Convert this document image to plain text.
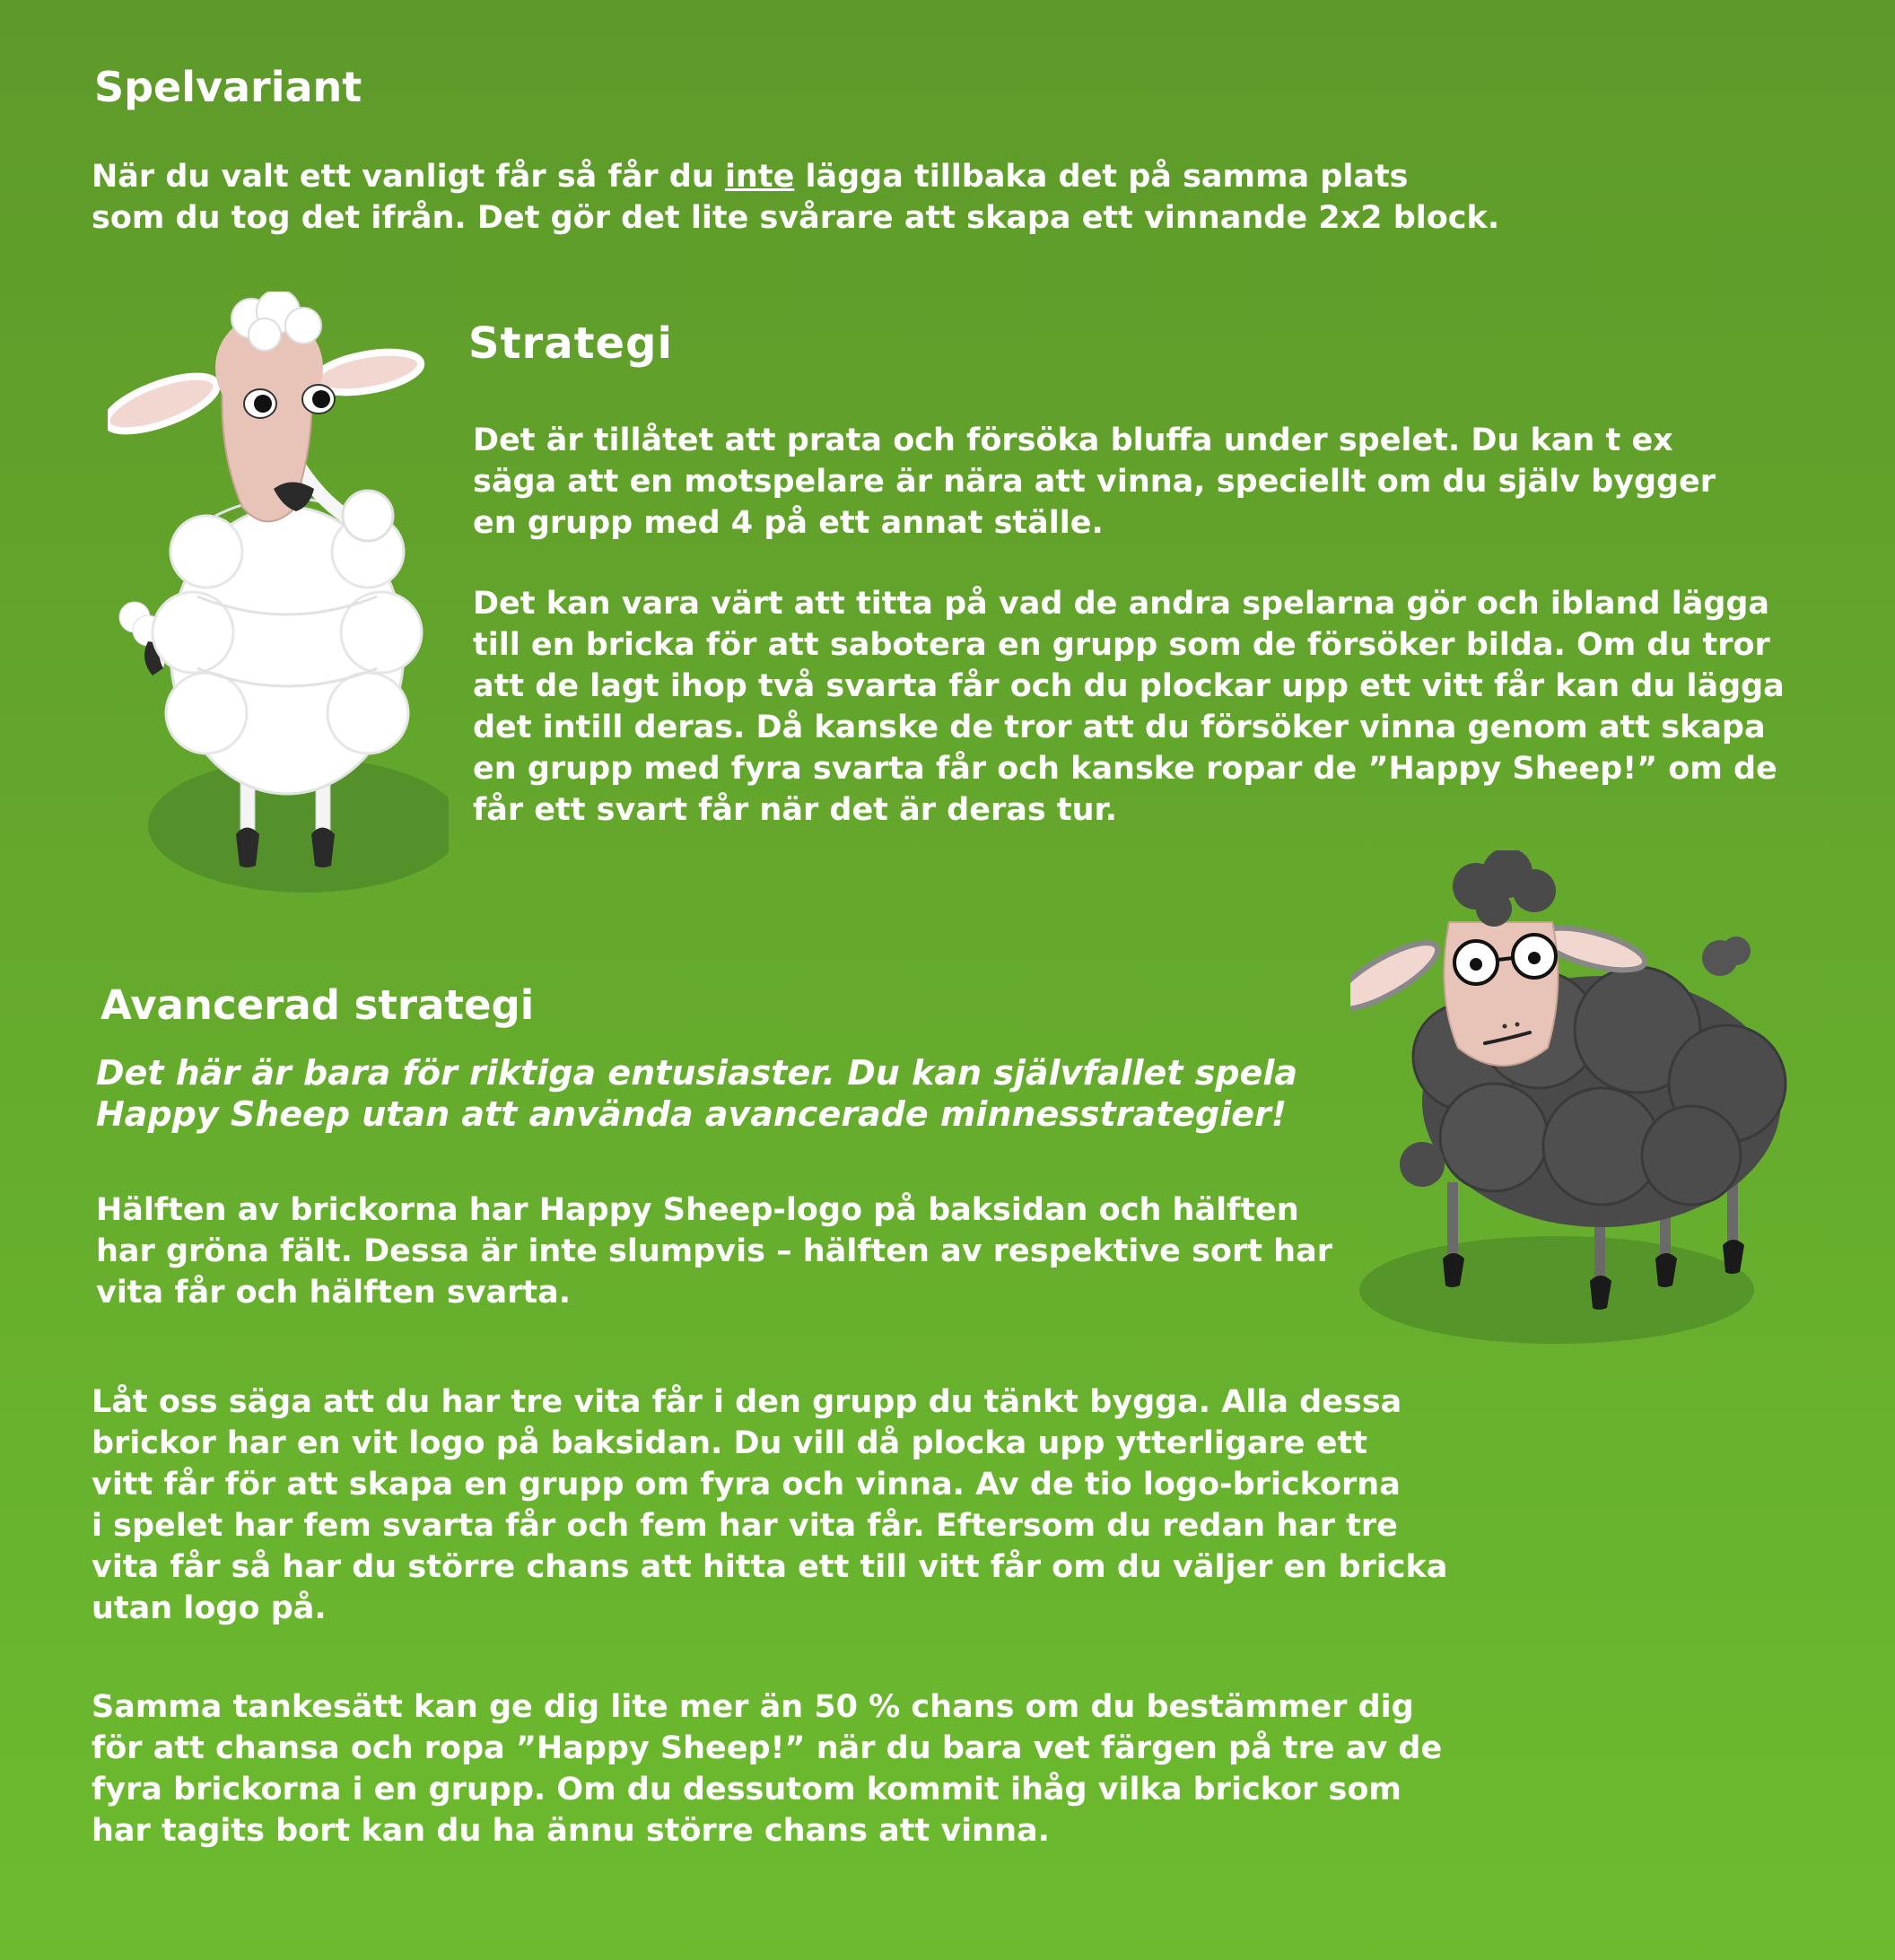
Spelvariant
När du valt ett vanligt får så får du inte lägga tillbaka det på samma plats
som du tog det ifrån. Det gör det lite svårare att skapa ett vinnande 2x2 block.
Strategi
Det är tillåtet att prata och försöka bluffa under spelet. Du kan t ex
säga att en motspelare är nära att vinna, speciellt om du själv bygger
en grupp med 4 på ett annat ställe.
Det kan vara värt att titta på vad de andra spelarna gör och ibland lägga
till en bricka för att sabotera en grupp som de försöker bilda. Om du tror
att de lagt ihop två svarta får och du plockar upp ett vitt får kan du lägga
det intill deras. Då kanske de tror att du försöker vinna genom att skapa
en grupp med fyra svarta får och kanske ropar de ”Happy Sheep!” om de
får ett svart får när det är deras tur.
Avancerad strategi
Det här är bara för riktiga entusiaster. Du kan självfallet spela
Happy Sheep utan att använda avancerade minnesstrategier!
Hälften av brickorna har Happy Sheep-logo på baksidan och hälften
har gröna fält. Dessa är inte slumpvis – hälften av respektive sort har
vita får och hälften svarta.
Låt oss säga att du har tre vita får i den grupp du tänkt bygga. Alla dessa
brickor har en vit logo på baksidan. Du vill då plocka upp ytterligare ett
vitt får för att skapa en grupp om fyra och vinna. Av de tio logo-brickorna
i spelet har fem svarta får och fem har vita får. Eftersom du redan har tre
vita får så har du större chans att hitta ett till vitt får om du väljer en bricka
utan logo på.
Samma tankesätt kan ge dig lite mer än 50 % chans om du bestämmer dig
för att chansa och ropa ”Happy Sheep!” när du bara vet färgen på tre av de
fyra brickorna i en grupp. Om du dessutom kommit ihåg vilka brickor som
har tagits bort kan du ha ännu större chans att vinna.
